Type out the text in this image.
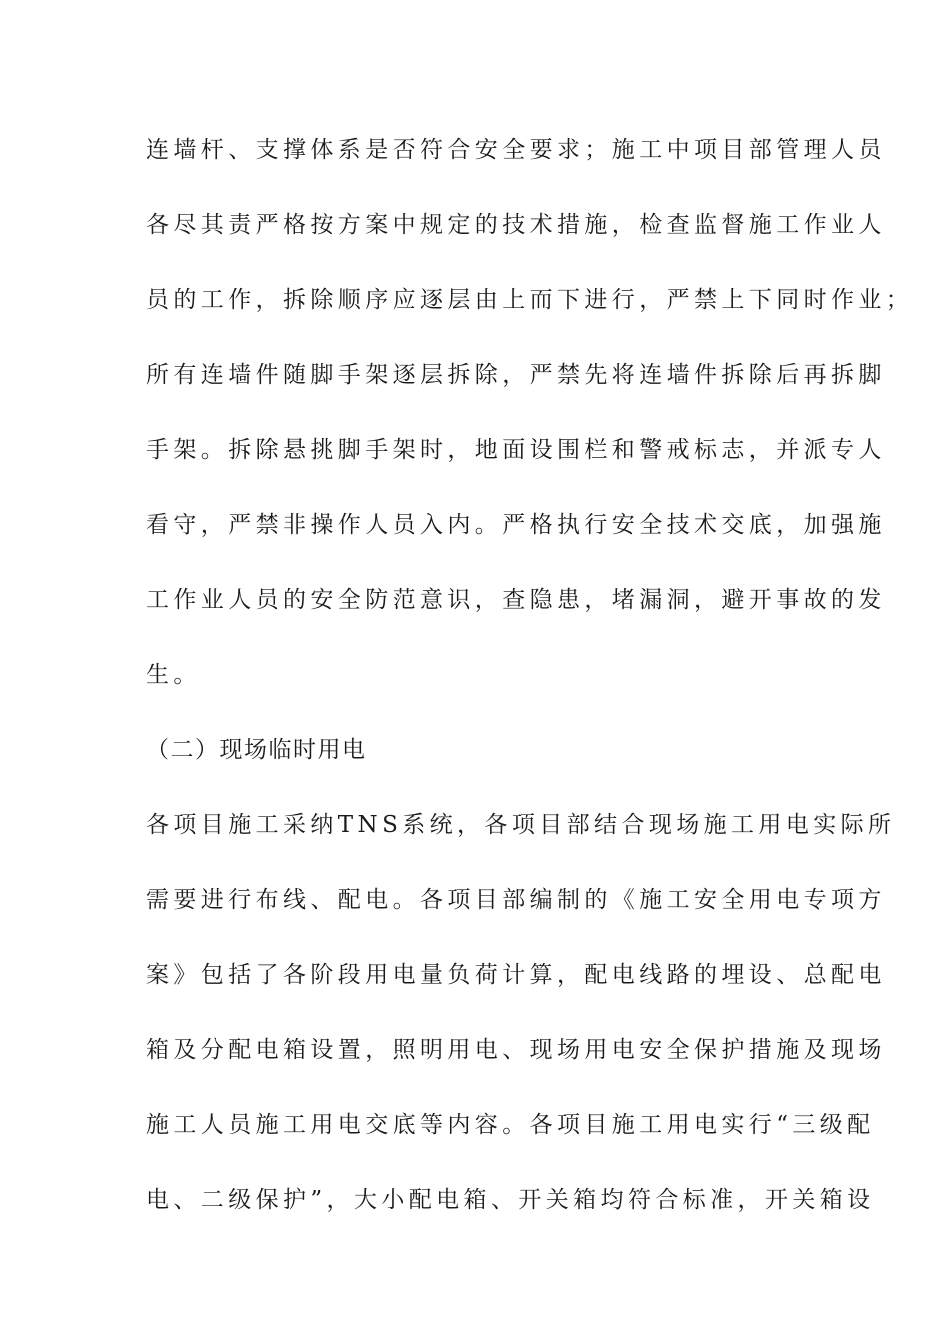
连墙杆、支撑体系是否符合安全要求；施工中项目部管理人员
各尽其责严格按方案中规定的技术措施，检查监督施工作业人
员的工作，拆除顺序应逐层由上而下进行，严禁上下同时作业；
所有连墙件随脚手架逐层拆除，严禁先将连墙件拆除后再拆脚
手架。拆除悬挑脚手架时，地面设围栏和警戒标志，并派专人
看守，严禁非操作人员入内。严格执行安全技术交底，加强施
工作业人员的安全防范意识，查隐患，堵漏洞，避开事故的发
生。
（二）现场临时用电
各项目施工采纳TNS系统，各项目部结合现场施工用电实际所
需要进行布线、配电。各项目部编制的《施工安全用电专项方
案》包括了各阶段用电量负荷计算，配电线路的埋设、总配电
箱及分配电箱设置，照明用电、现场用电安全保护措施及现场
施工人员施工用电交底等内容。各项目施工用电实行“三级配
电、二级保护”，大小配电箱、开关箱均符合标准，开关箱设
